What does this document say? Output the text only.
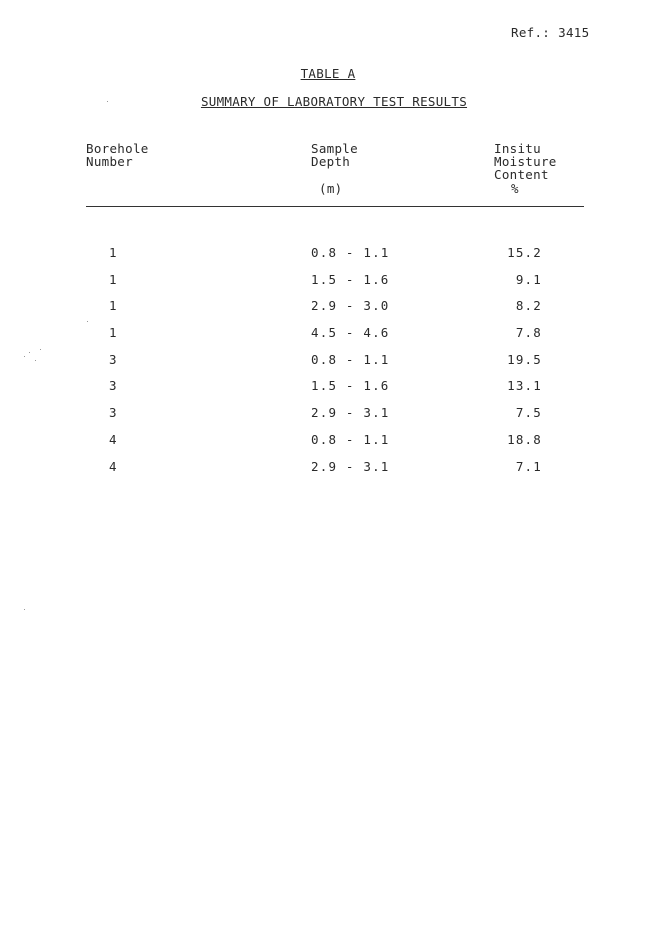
Ref.: 3415
TABLE A
SUMMARY OF LABORATORY TEST RESULTS
Borehole
Number
Sample
Depth
(m)
Insitu
Moisture
Content
%
1	0.8 - 1.1	15.2
1	1.5 - 1.6	9.1
1	2.9 - 3.0	8.2
1	4.5 - 4.6	7.8
3	0.8 - 1.1	19.5
3	1.5 - 1.6	13.1
3	2.9 - 3.1	7.5
4	0.8 - 1.1	18.8
4	2.9 - 3.1	7.1
